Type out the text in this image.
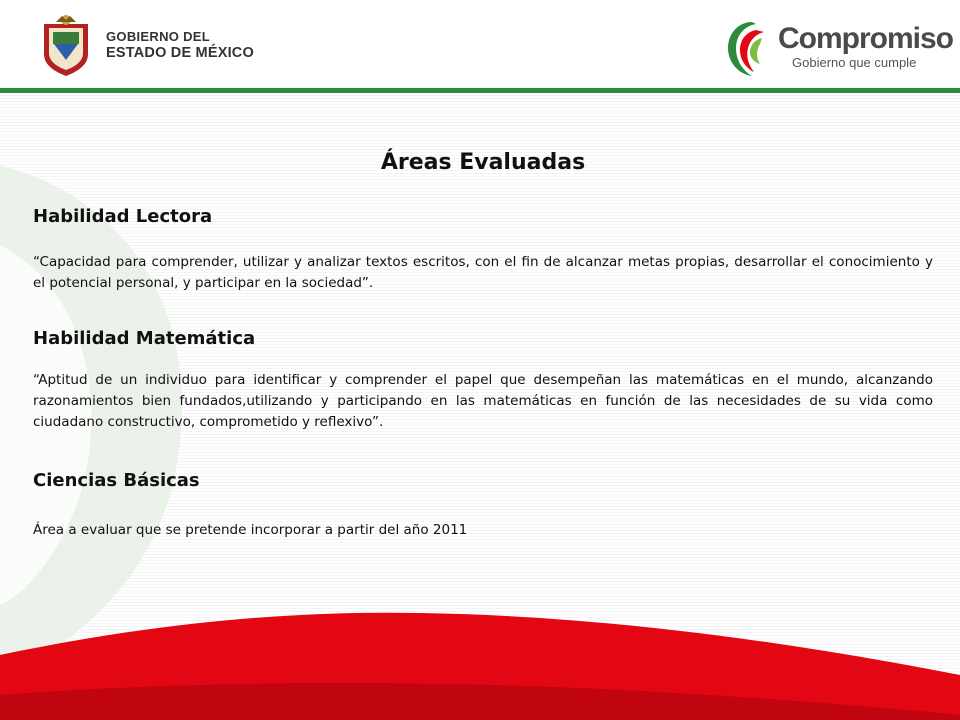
GOBIERNO DEL
ESTADO DE MÉXICO	Compromiso
Gobierno que cumple
Áreas Evaluadas
Habilidad Lectora

“Capacidad para comprender, utilizar y analizar textos escritos, con el fin de alcanzar metas propias, desarrollar el conocimiento y el potencial personal, y participar en la sociedad”.

Habilidad Matemática

“Aptitud de un individuo para identificar y comprender el papel que desempeñan las matemáticas en el mundo, alcanzando razonamientos bien fundados,utilizando y participando en las matemáticas en función de las necesidades de su vida como ciudadano constructivo, comprometido y reflexivo”.

Ciencias Básicas

Área a evaluar que se pretende incorporar a partir del año 2011
